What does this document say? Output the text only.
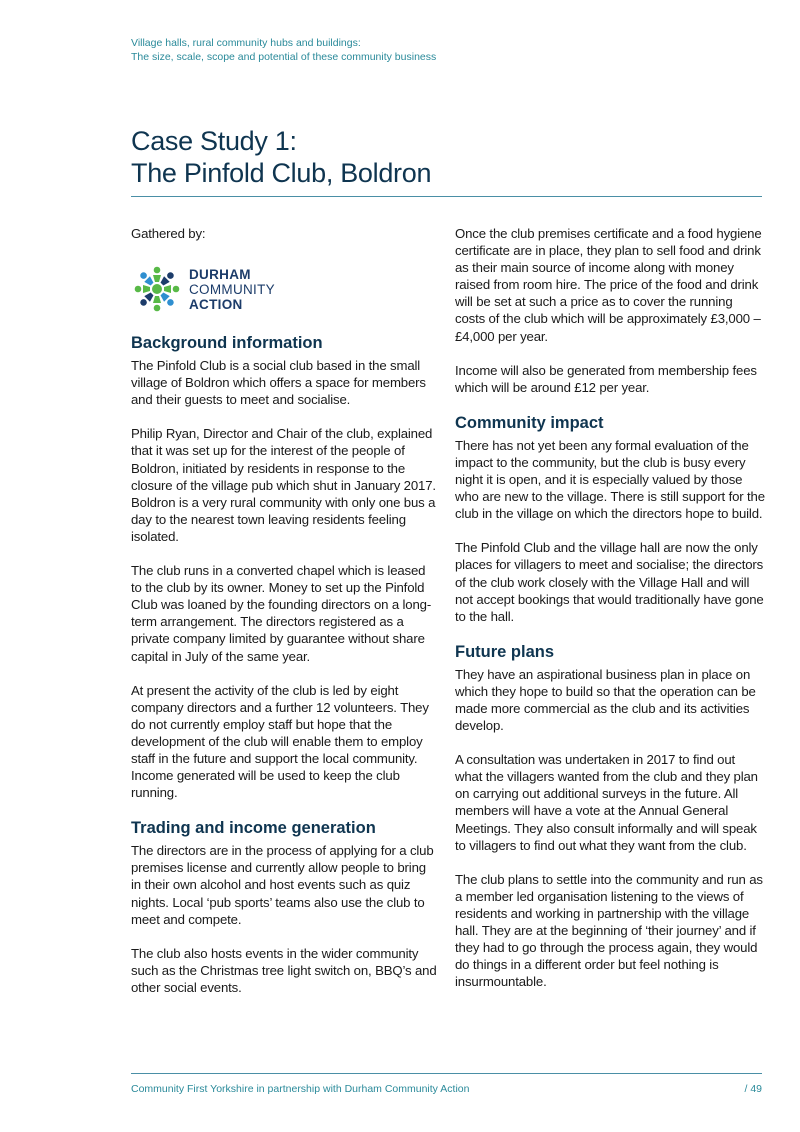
Village halls, rural community hubs and buildings:
The size, scale, scope and potential of these community business
Case Study 1:
The Pinfold Club, Boldron

Gathered by:

DURHAM
COMMUNITY
ACTION
Background information

The Pinfold Club is a social club based in the small village of Boldron which offers a space for members and their guests to meet and socialise.

Philip Ryan, Director and Chair of the club, explained that it was set up for the interest of the people of Boldron, initiated by residents in response to the closure of the village pub which shut in January 2017. Boldron is a very rural community with only one bus a day to the nearest town leaving residents feeling isolated.

The club runs in a converted chapel which is leased to the club by its owner. Money to set up the Pinfold Club was loaned by the founding directors on a long-term arrangement. The directors registered as a private company limited by guarantee without share capital in July of the same year.

At present the activity of the club is led by eight company directors and a further 12 volunteers. They do not currently employ staff but hope that the development of the club will enable them to employ staff in the future and support the local community. Income generated will be used to keep the club running.

Trading and income generation

The directors are in the process of applying for a club premises license and currently allow people to bring in their own alcohol and host events such as quiz nights. Local ‘pub sports’ teams also use the club to meet and compete.

The club also hosts events in the wider community such as the Christmas tree light switch on, BBQ’s and other social events.

Once the club premises certificate and a food hygiene certificate are in place, they plan to sell food and drink as their main source of income along with money raised from room hire. The price of the food and drink will be set at such a price as to cover the running costs of the club which will be approximately £3,000 – £4,000 per year.

Income will also be generated from membership fees which will be around £12 per year.

Community impact

There has not yet been any formal evaluation of the impact to the community, but the club is busy every night it is open, and it is especially valued by those who are new to the village. There is still support for the club in the village on which the directors hope to build.

The Pinfold Club and the village hall are now the only places for villagers to meet and socialise; the directors of the club work closely with the Village Hall and will not accept bookings that would traditionally have gone to the hall.

Future plans

They have an aspirational business plan in place on which they hope to build so that the operation can be made more commercial as the club and its activities develop.

A consultation was undertaken in 2017 to find out what the villagers wanted from the club and they plan on carrying out additional surveys in the future. All members will have a vote at the Annual General Meetings. They also consult informally and will speak to villagers to find out what they want from the club.

The club plans to settle into the community and run as a member led organisation listening to the views of residents and working in partnership with the village hall. They are at the beginning of ‘their journey’ and if they had to go through the process again, they would do things in a different order but feel nothing is insurmountable.

Community First Yorkshire in partnership with Durham Community Action	/ 49
